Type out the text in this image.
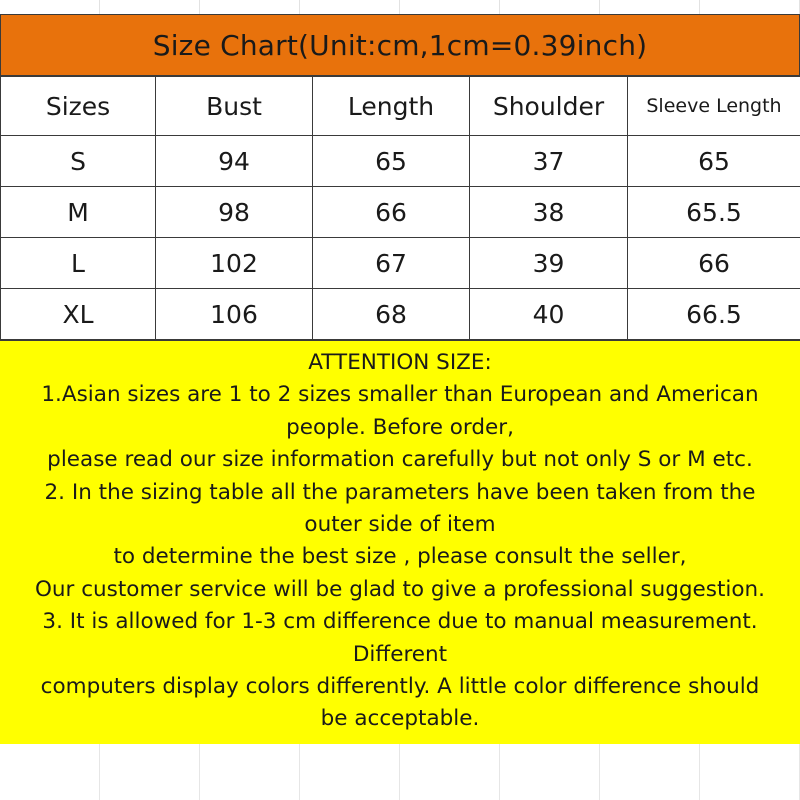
Size Chart(Unit:cm,1cm=0.39inch)
Sizes	Bust	Length	Shoulder	Sleeve Length
S	94	65	37	65
M	98	66	38	65.5
L	102	67	39	66
XL	106	68	40	66.5
ATTENTION SIZE:
1.Asian sizes are 1 to 2 sizes smaller than European and American
people. Before order,
please read our size information carefully but not only S or M etc.
2. In the sizing table all the parameters have been taken from the
outer side of item
to determine the best size , please consult the seller,
Our customer service will be glad to give a professional suggestion.
3. It is allowed for 1-3 cm difference due to manual measurement.
Different
computers display colors differently. A little color difference should
be acceptable.
